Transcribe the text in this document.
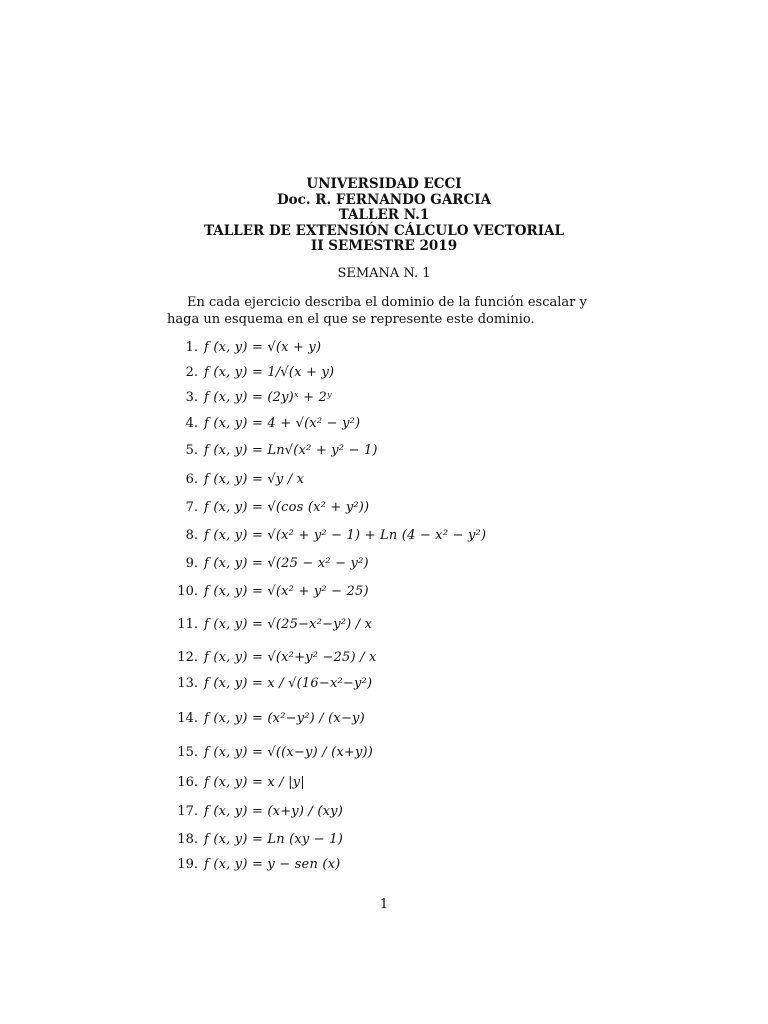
UNIVERSIDAD ECCI
Doc. R. FERNANDO GARCIA
TALLER N.1
TALLER DE EXTENSIÓN CÁLCULO VECTORIAL
II SEMESTRE 2019
SEMANA N. 1
En cada ejercicio describa el dominio de la función escalar y haga un esquema en el que se represente este dominio.
1. f (x, y) = √(x + y)
2. f (x, y) = 1/√(x + y)
3. f (x, y) = (2y)ˣ + 2ʸ
4. f (x, y) = 4 + √(x² − y²)
5. f (x, y) = Ln√(x² + y² − 1)
6. f (x, y) = √y / x
7. f (x, y) = √(cos (x² + y²))
8. f (x, y) = √(x² + y² − 1) + Ln (4 − x² − y²)
9. f (x, y) = √(25 − x² − y²)
10. f (x, y) = √(x² + y² − 25)
11. f (x, y) = √(25−x²−y²) / x
12. f (x, y) = √(x²+y² −25) / x
13. f (x, y) = x / √(16−x²−y²)
14. f (x, y) = (x²−y²) / (x−y)
15. f (x, y) = √((x−y) / (x+y))
16. f (x, y) = x / |y|
17. f (x, y) = (x+y) / (xy)
18. f (x, y) = Ln (xy − 1)
19. f (x, y) = y − sen (x)
1
